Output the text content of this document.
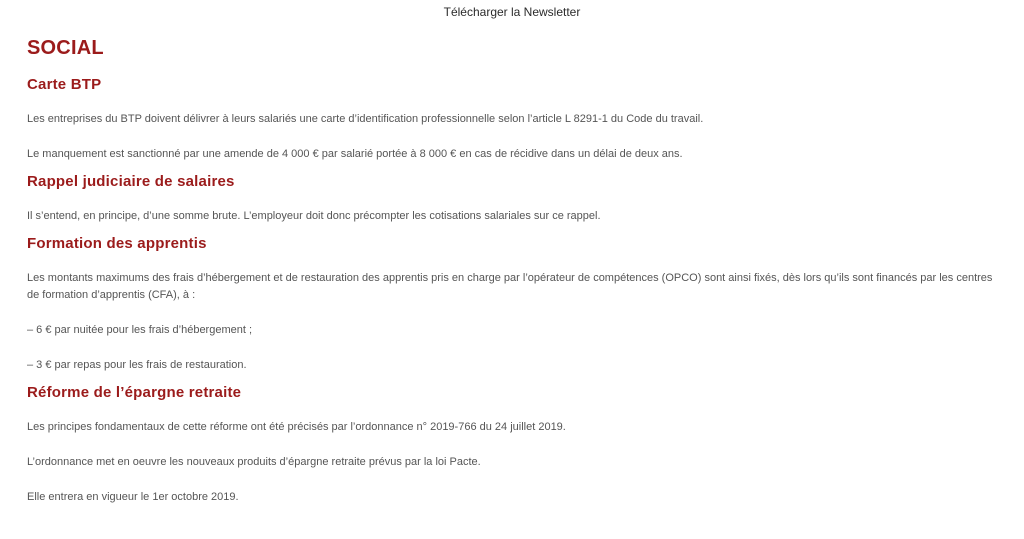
Télécharger la Newsletter
SOCIAL
Carte BTP

Les entreprises du BTP doivent délivrer à leurs salariés une carte d’identification professionnelle selon l’article L 8291-1 du Code du travail.

Le manquement est sanctionné par une amende de 4 000 € par salarié portée à 8 000 € en cas de récidive dans un délai de deux ans.

Rappel judiciaire de salaires

Il s’entend, en principe, d’une somme brute. L’employeur doit donc précompter les cotisations salariales sur ce rappel.

Formation des apprentis

Les montants maximums des frais d’hébergement et de restauration des apprentis pris en charge par l’opérateur de compétences (OPCO) sont ainsi fixés, dès lors qu’ils sont financés par les centres de formation d’apprentis (CFA), à :

– 6 € par nuitée pour les frais d’hébergement ;

– 3 € par repas pour les frais de restauration.

Réforme de l’épargne retraite

Les principes fondamentaux de cette réforme ont été précisés par l’ordonnance n° 2019-766 du 24 juillet 2019.

L’ordonnance met en oeuvre les nouveaux produits d’épargne retraite prévus par la loi Pacte.

Elle entrera en vigueur le 1er octobre 2019.
